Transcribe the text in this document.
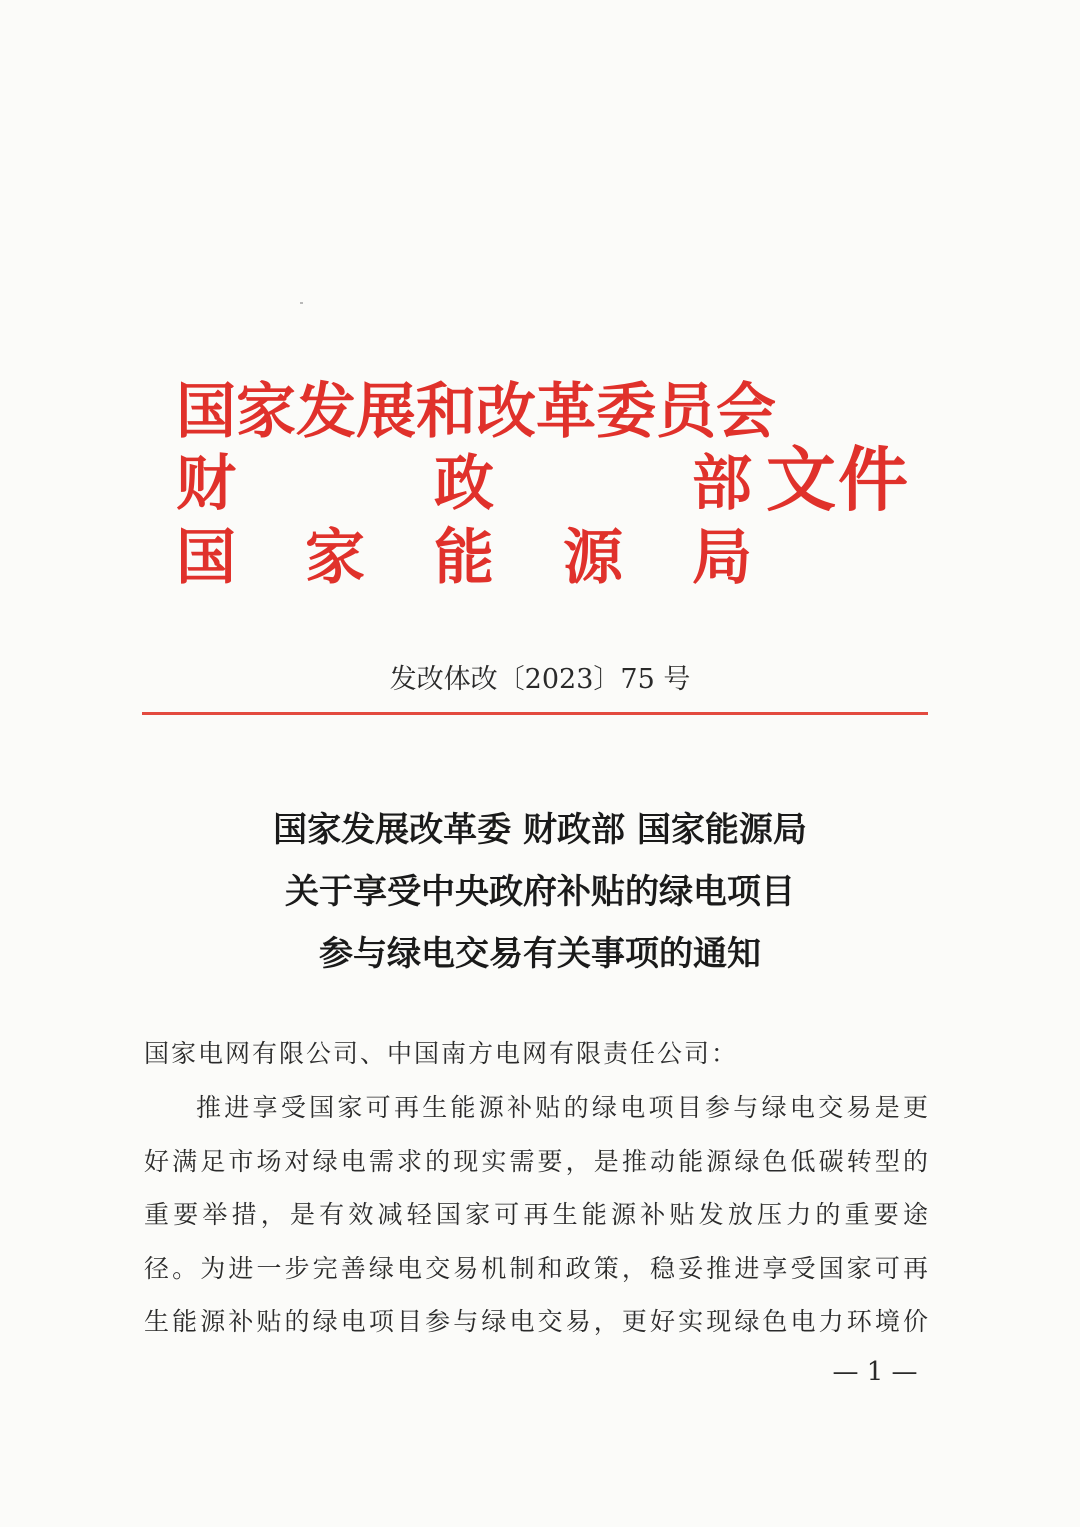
国家发展和改革委员会
财	政	部
国 家 能 源 局
文件
发改体改〔2023〕75 号
国家发展改革委 财政部 国家能源局
关于享受中央政府补贴的绿电项目
参与绿电交易有关事项的通知
国家电网有限公司、中国南方电网有限责任公司：
推进享受国家可再生能源补贴的绿电项目参与绿电交易是更
好满足市场对绿电需求的现实需要，是推动能源绿色低碳转型的
重要举措，是有效减轻国家可再生能源补贴发放压力的重要途
径。为进一步完善绿电交易机制和政策，稳妥推进享受国家可再
生能源补贴的绿电项目参与绿电交易，更好实现绿色电力环境价
— 1 —
